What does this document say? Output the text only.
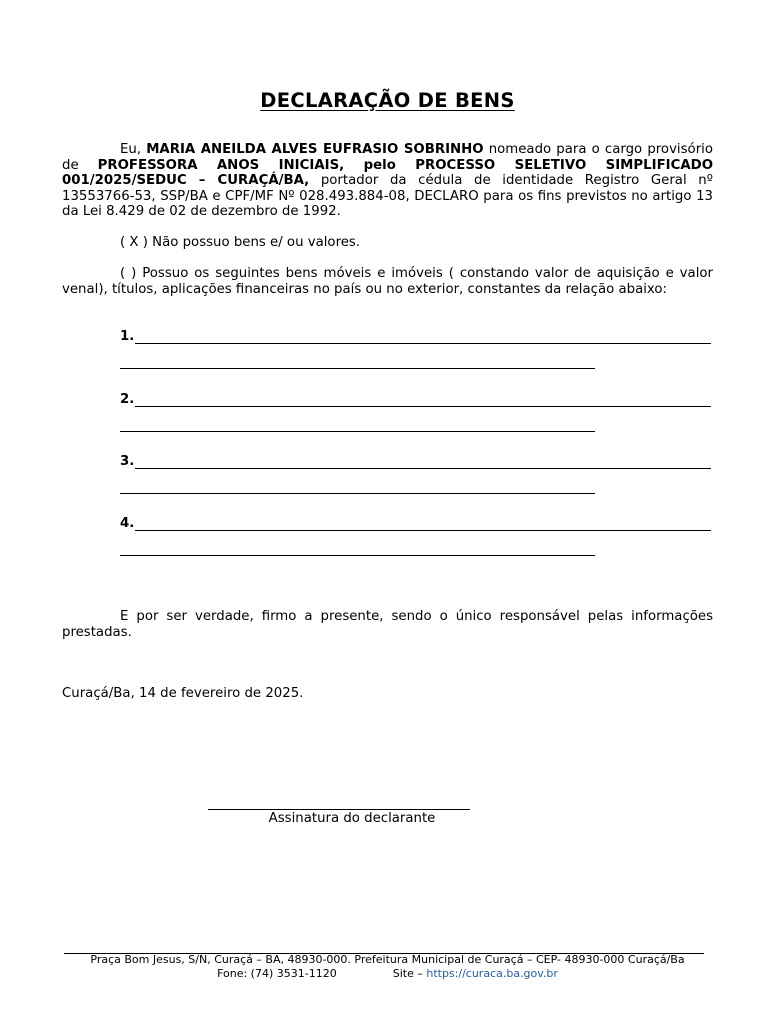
DECLARAÇÃO DE BENS
Eu, MARIA ANEILDA ALVES EUFRASIO SOBRINHO nomeado para o cargo provisório de PROFESSORA ANOS INICIAIS, pelo PROCESSO SELETIVO SIMPLIFICADO 001/2025/SEDUC – CURAÇÁ/BA, portador da cédula de identidade Registro Geral nº 13553766-53, SSP/BA e CPF/MF Nº 028.493.884-08, DECLARO para os fins previstos no artigo 13 da Lei 8.429 de 02 de dezembro de 1992.
( X ) Não possuo bens e/ ou valores.
( ) Possuo os seguintes bens móveis e imóveis ( constando valor de aquisição e valor venal), títulos, aplicações financeiras no país ou no exterior, constantes da relação abaixo:
1.
2.
3.
4.
E por ser verdade, firmo a presente, sendo o único responsável pelas informações prestadas.
Curaçá/Ba, 14 de fevereiro de 2025.
Assinatura do declarante
Praça Bom Jesus, S/N, Curaçá – BA, 48930-000. Prefeitura Municipal de Curaçá – CEP- 48930-000 Curaçá/Ba
Fone: (74) 3531-1120	Site – https://curaca.ba.gov.br
